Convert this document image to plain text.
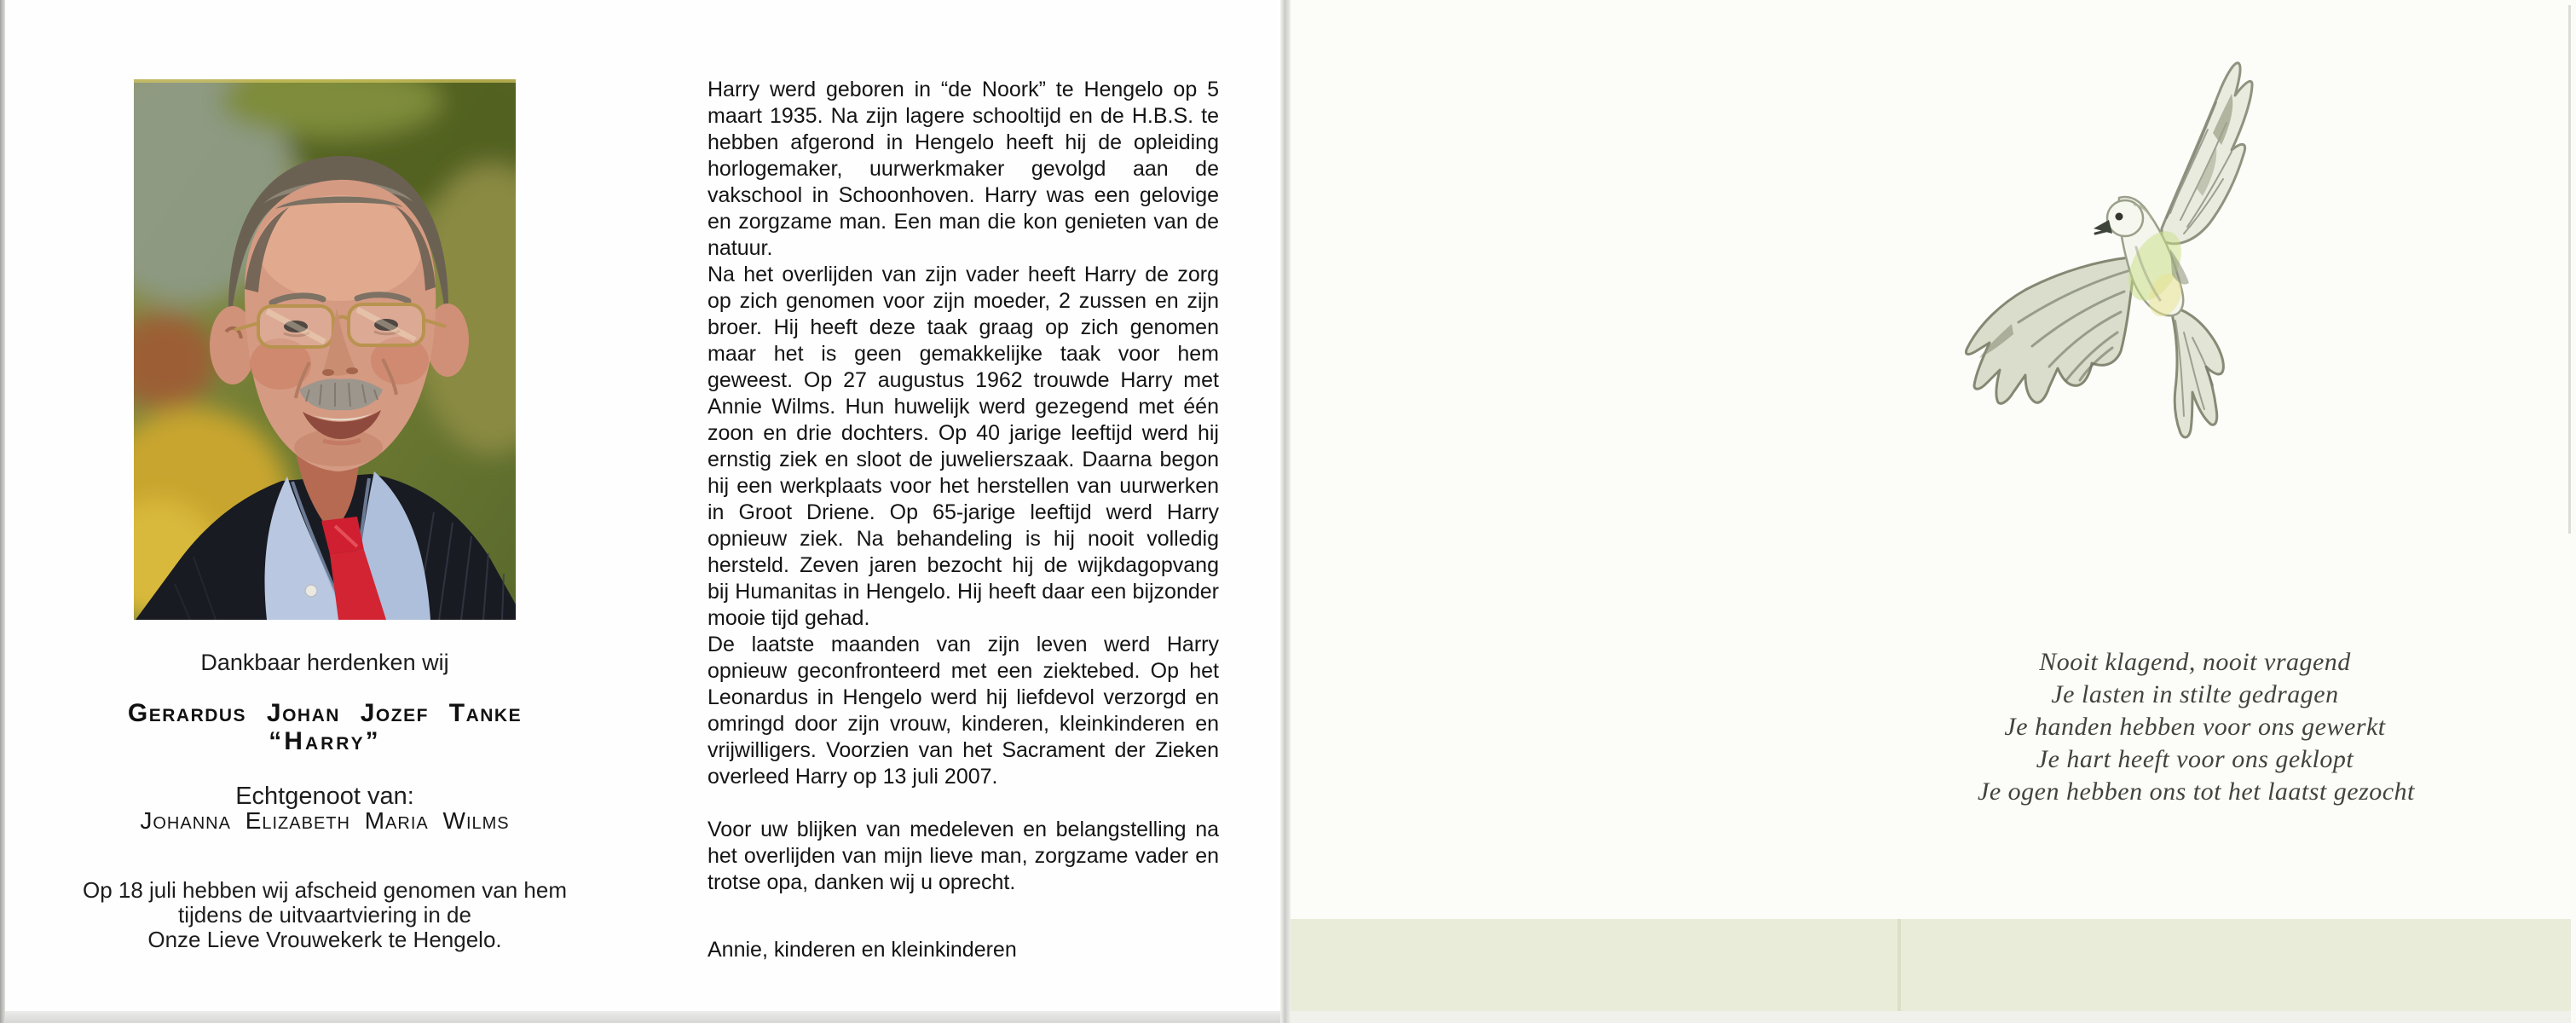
Dankbaar herdenken wij
Gerardus Johan Jozef Tanke
“Harry”
Echtgenoot van:
Johanna Elizabeth Maria Wilms
Op 18 juli hebben wij afscheid genomen van hem
tijdens de uitvaartviering in de
Onze Lieve Vrouwekerk te Hengelo.

Harry werd geboren in “de Noork” te Hengelo op 5 maart 1935. Na zijn lagere schooltijd en de H.B.S. te hebben afgerond in Hengelo heeft hij de opleiding horlogemaker, uurwerkmaker gevolgd aan de vakschool in Schoonhoven. Harry was een gelovige en zorgzame man. Een man die kon genieten van de natuur.

Na het overlijden van zijn vader heeft Harry de zorg op zich genomen voor zijn moeder, 2 zussen en zijn broer. Hij heeft deze taak graag op zich genomen maar het is geen gemakkelijke taak voor hem geweest. Op 27 augustus 1962 trouwde Harry met Annie Wilms. Hun huwelijk werd gezegend met één zoon en drie dochters. Op 40 jarige leeftijd werd hij ernstig ziek en sloot de juwelierszaak. Daarna begon hij een werkplaats voor het herstellen van uurwerken in Groot Driene. Op 65-jarige leeftijd werd Harry opnieuw ziek. Na behandeling is hij nooit volledig hersteld. Zeven jaren bezocht hij de wijkdagopvang bij Humanitas in Hengelo. Hij heeft daar een bijzonder mooie tijd gehad.

De laatste maanden van zijn leven werd Harry opnieuw geconfronteerd met een ziektebed. Op het Leonardus in Hengelo werd hij liefdevol verzorgd en omringd door zijn vrouw, kinderen, kleinkinderen en vrijwilligers. Voorzien van het Sacrament der Zieken overleed Harry op 13 juli 2007.

Voor uw blijken van medeleven en belangstelling na het overlijden van mijn lieve man, zorgzame vader en trotse opa, danken wij u oprecht.

Annie, kinderen en kleinkinderen

Nooit klagend, nooit vragend
Je lasten in stilte gedragen
Je handen hebben voor ons gewerkt
Je hart heeft voor ons geklopt
Je ogen hebben ons tot het laatst gezocht
